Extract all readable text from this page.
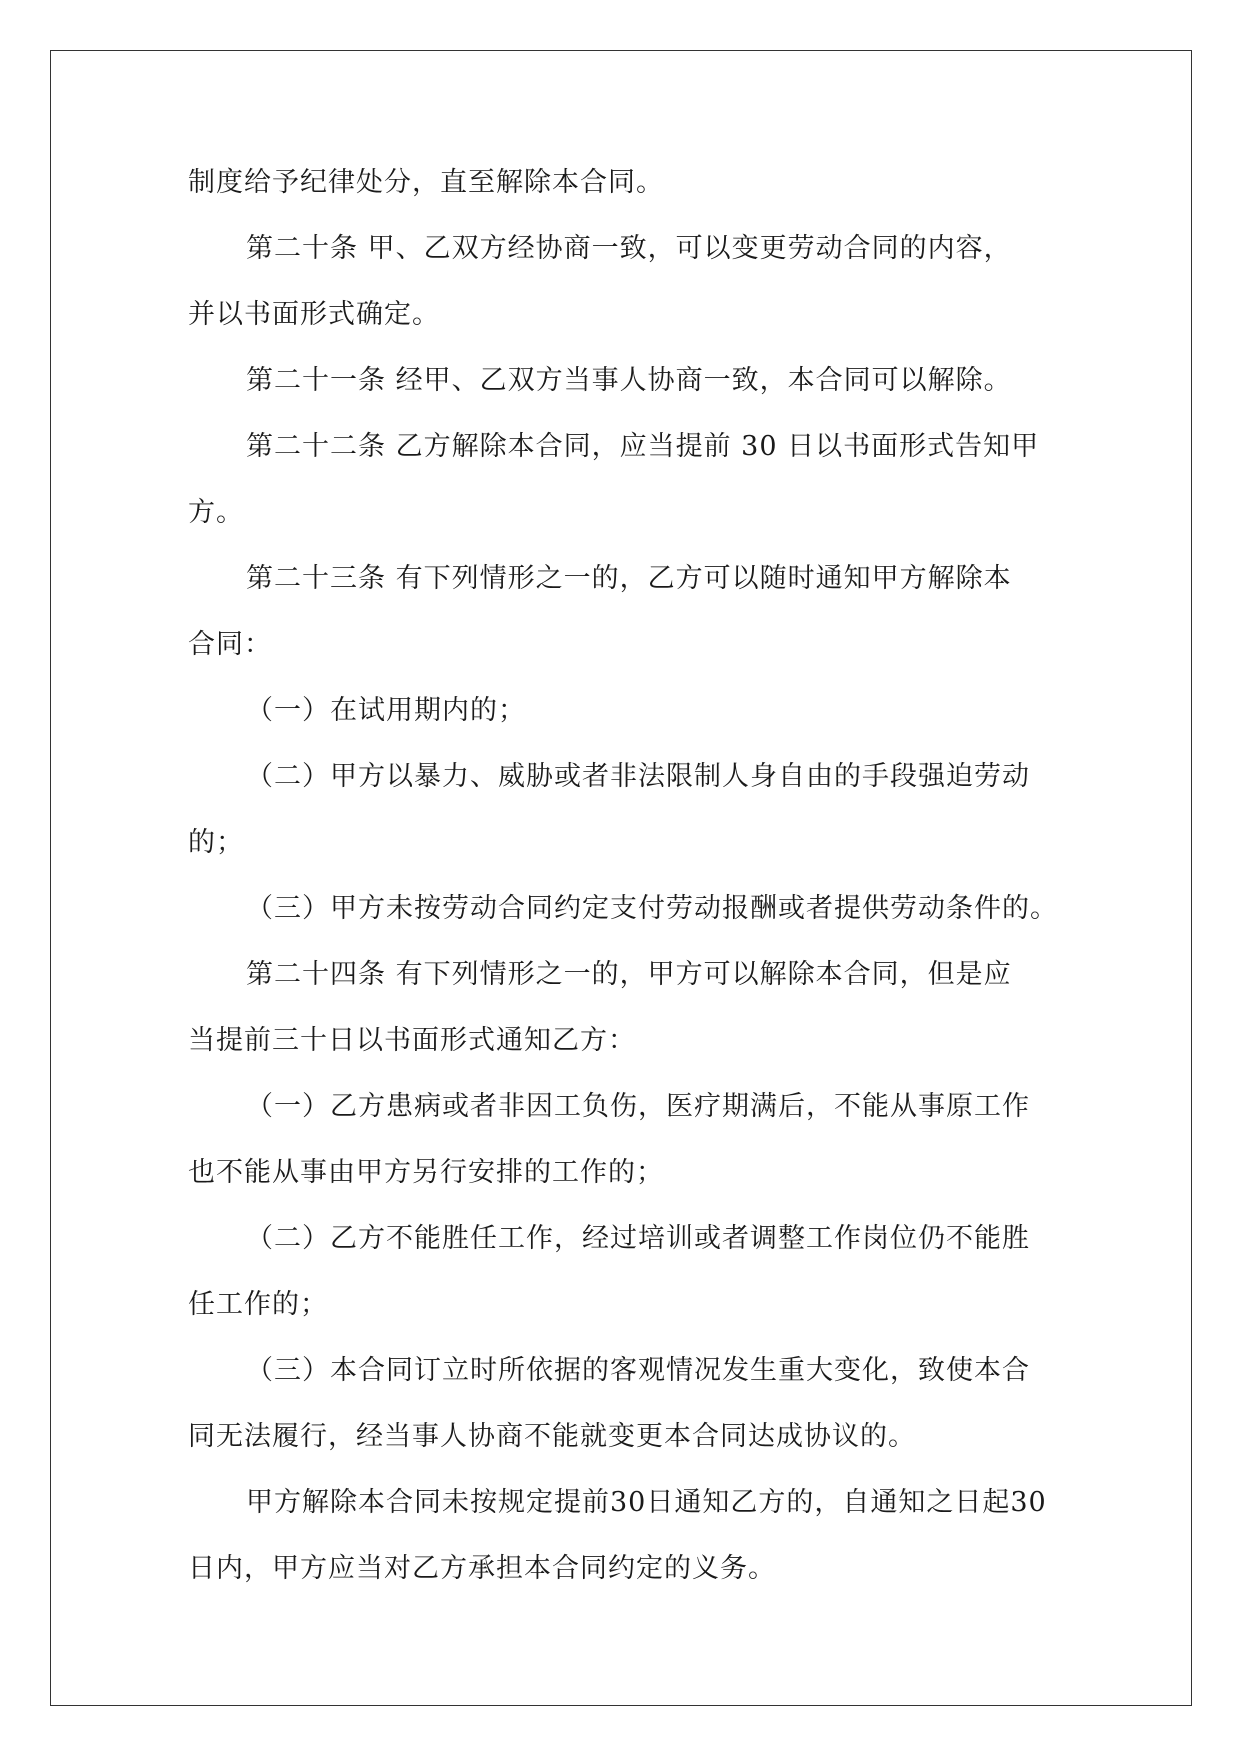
制度给予纪律处分，直至解除本合同。

第二十条 甲、乙双方经协商一致，可以变更劳动合同的内容，

并以书面形式确定。

第二十一条 经甲、乙双方当事人协商一致，本合同可以解除。

第二十二条 乙方解除本合同，应当提前 30 日以书面形式告知甲

方。

第二十三条 有下列情形之一的，乙方可以随时通知甲方解除本

合同：

（一）在试用期内的；

（二）甲方以暴力、威胁或者非法限制人身自由的手段强迫劳动

的；

（三）甲方未按劳动合同约定支付劳动报酬或者提供劳动条件的。

第二十四条 有下列情形之一的，甲方可以解除本合同，但是应

当提前三十日以书面形式通知乙方：

（一）乙方患病或者非因工负伤，医疗期满后，不能从事原工作

也不能从事由甲方另行安排的工作的；

（二）乙方不能胜任工作，经过培训或者调整工作岗位仍不能胜

任工作的；

（三）本合同订立时所依据的客观情况发生重大变化，致使本合

同无法履行，经当事人协商不能就变更本合同达成协议的。

甲方解除本合同未按规定提前30日通知乙方的，自通知之日起30

日内，甲方应当对乙方承担本合同约定的义务。
